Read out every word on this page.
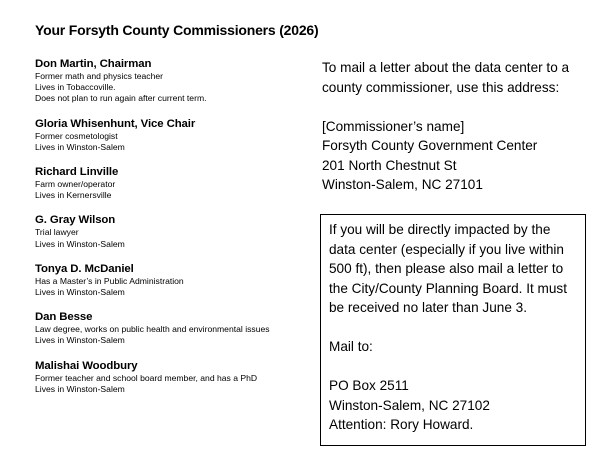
Your Forsyth County Commissioners (2026)
Don Martin, Chairman
Former math and physics teacher
Lives in Tobaccoville.
Does not plan to run again after current term.
Gloria Whisenhunt, Vice Chair
Former cosmetologist
Lives in Winston-Salem
Richard Linville
Farm owner/operator
Lives in Kernersville
G. Gray Wilson
Trial lawyer
Lives in Winston-Salem
Tonya D. McDaniel
Has a Master’s in Public Administration
Lives in Winston-Salem
Dan Besse
Law degree, works on public health and environmental issues
Lives in Winston-Salem
Malishai Woodbury
Former teacher and school board member, and has a PhD
Lives in Winston-Salem

To mail a letter about the data center to a county commissioner, use this address:

[Commissioner’s name]
Forsyth County Government Center
201 North Chestnut St
Winston-Salem, NC 27101

If you will be directly impacted by the data center (especially if you live within 500 ft), then please also mail a letter to the City/County Planning Board. It must be received no later than June 3.

Mail to:
PO Box 2511
Winston-Salem, NC 27102
Attention: Rory Howard.
